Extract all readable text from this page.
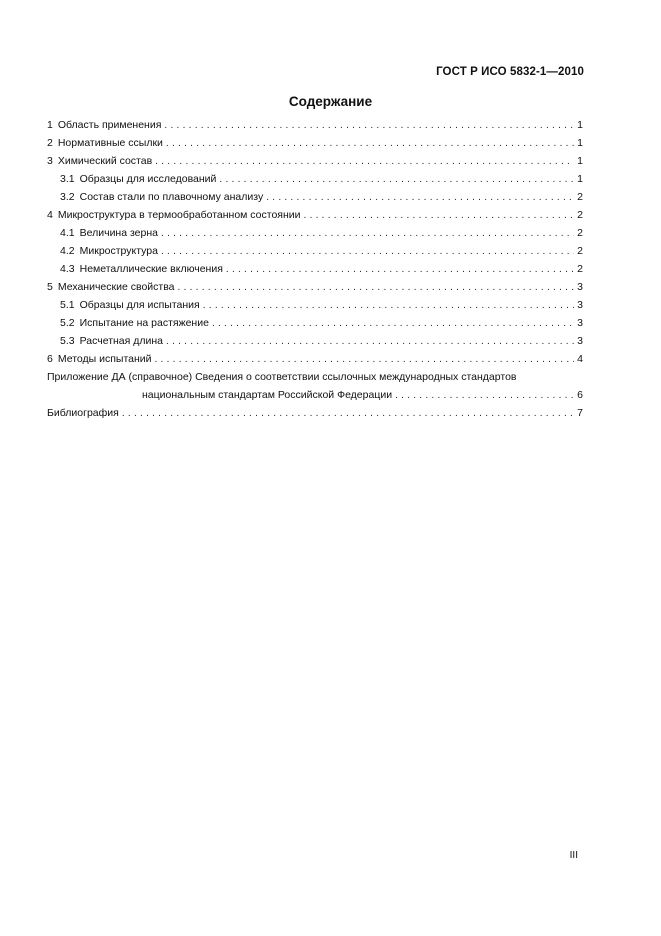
ГОСТ Р ИСО 5832-1—2010
Содержание
1 Область применения . . .	1
2 Нормативные ссылки . . .	1
3 Химический состав . . .	1
3.1 Образцы для исследований . . .	1
3.2 Состав стали по плавочному анализу . . .	2
4 Микроструктура в термообработанном состоянии . . .	2
4.1 Величина зерна . . .	2
4.2 Микроструктура . . .	2
4.3 Неметаллические включения . . .	2
5 Механические свойства . . .	3
5.1 Образцы для испытания . . .	3
5.2 Испытание на растяжение . . .	3
5.3 Расчетная длина . . .	3
6 Методы испытаний . . .	4
Приложение ДА (справочное) Сведения о соответствии ссылочных международных стандартов
национальным стандартам Российской Федерации . . .	6
Библиография . . .	7
III
